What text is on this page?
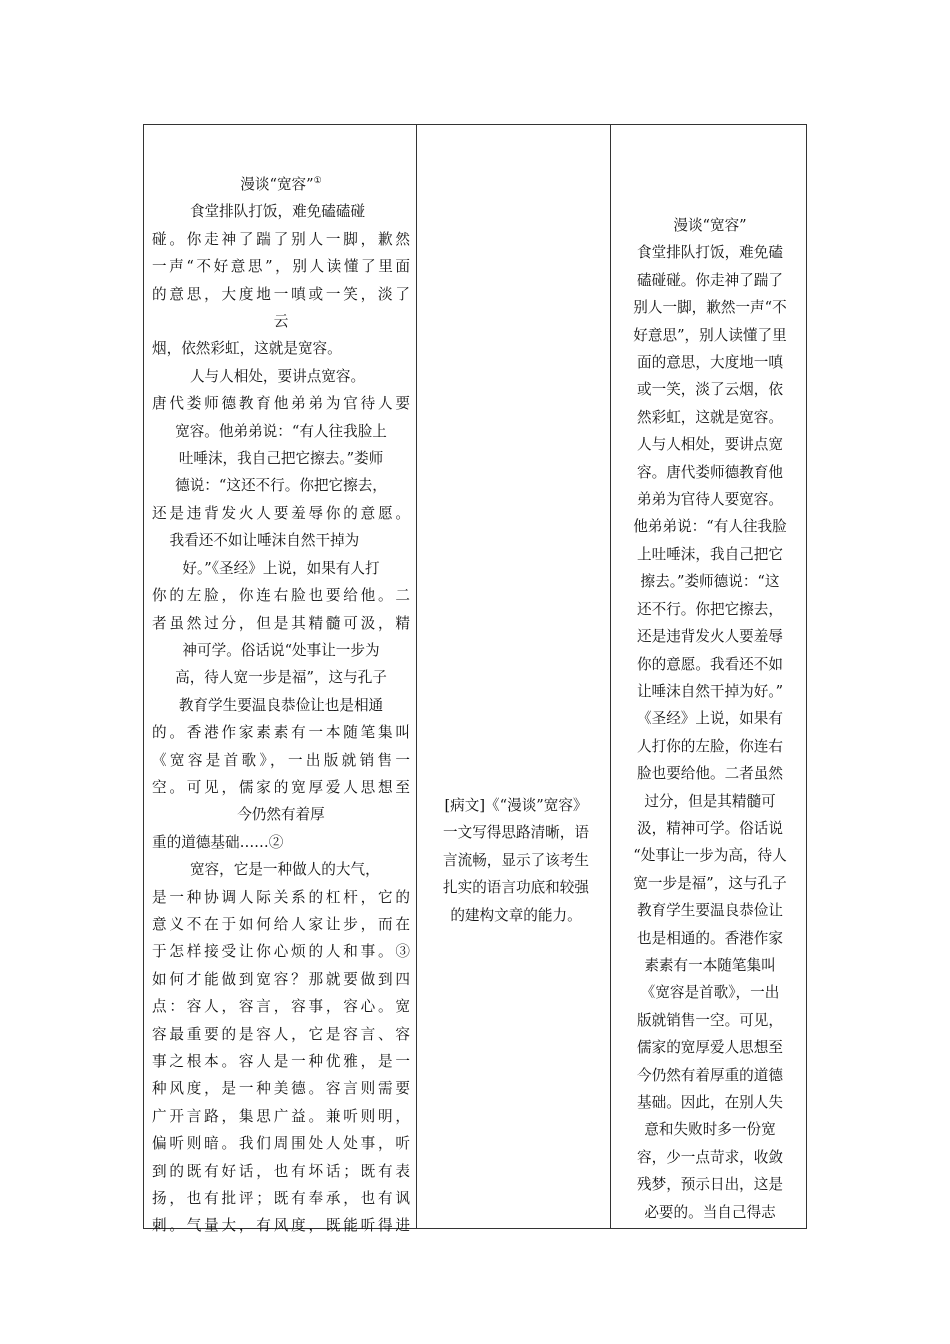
漫谈“宽容”①

食堂排队打饭，难免磕磕碰

碰。你走神了踹了别人一脚，歉然

一声“不好意思”，别人读懂了里面

的意思，大度地一嗔或一笑，淡了

云

烟，依然彩虹，这就是宽容。

人与人相处，要讲点宽容。

唐代娄师德教育他弟弟为官待人要

宽容。他弟弟说：“有人往我脸上

吐唾沫，我自己把它擦去。”娄师

德说：“这还不行。你把它擦去，

还是违背发火人要羞辱你的意愿。

我看还不如让唾沫自然干掉为

好。”《圣经》上说，如果有人打

你的左脸，你连右脸也要给他。二

者虽然过分，但是其精髓可汲，精

神可学。俗话说“处事让一步为

高，待人宽一步是福”，这与孔子

教育学生要温良恭俭让也是相通

的。香港作家素素有一本随笔集叫

《宽容是首歌》，一出版就销售一

空。可见，儒家的宽厚爱人思想至

今仍然有着厚

重的道德基础……②

宽容，它是一种做人的大气，

是一种协调人际关系的杠杆，它的

意义不在于如何给人家让步，而在

于怎样接受让你心烦的人和事。③

如何才能做到宽容？那就要做到四

点：容人，容言，容事，容心。宽

容最重要的是容人，它是容言、容

事之根本。容人是一种优雅，是一

种风度，是一种美德。容言则需要

广开言路，集思广益。兼听则明，

偏听则暗。我们周围处人处事，听

到的既有好话，也有坏话；既有表

扬，也有批评；既有奉承，也有讽

刺。气量大，有风度，既能听得进

[病文]《“漫谈”宽容》

一文写得思路清晰，语

言流畅，显示了该考生

扎实的语言功底和较强

的建构文章的能力。

漫谈“宽容”

食堂排队打饭，难免磕

磕碰碰。你走神了踹了

别人一脚，歉然一声“不

好意思”，别人读懂了里

面的意思，大度地一嗔

或一笑，淡了云烟，依

然彩虹，这就是宽容。

人与人相处，要讲点宽

容。唐代娄师德教育他

弟弟为官待人要宽容。

他弟弟说：“有人往我脸

上吐唾沫，我自己把它

擦去。”娄师德说：“这

还不行。你把它擦去，

还是违背发火人要羞辱

你的意愿。我看还不如

让唾沫自然干掉为好。”

《圣经》上说，如果有

人打你的左脸，你连右

脸也要给他。二者虽然

过分，但是其精髓可

汲，精神可学。俗话说

“处事让一步为高，待人

宽一步是福”，这与孔子

教育学生要温良恭俭让

也是相通的。香港作家

素素有一本随笔集叫

《宽容是首歌》，一出

版就销售一空。可见，

儒家的宽厚爱人思想至

今仍然有着厚重的道德

基础。因此，在别人失

意和失败时多一份宽

容，少一点苛求，收敛

残梦，预示日出，这是

必要的。当自己得志
